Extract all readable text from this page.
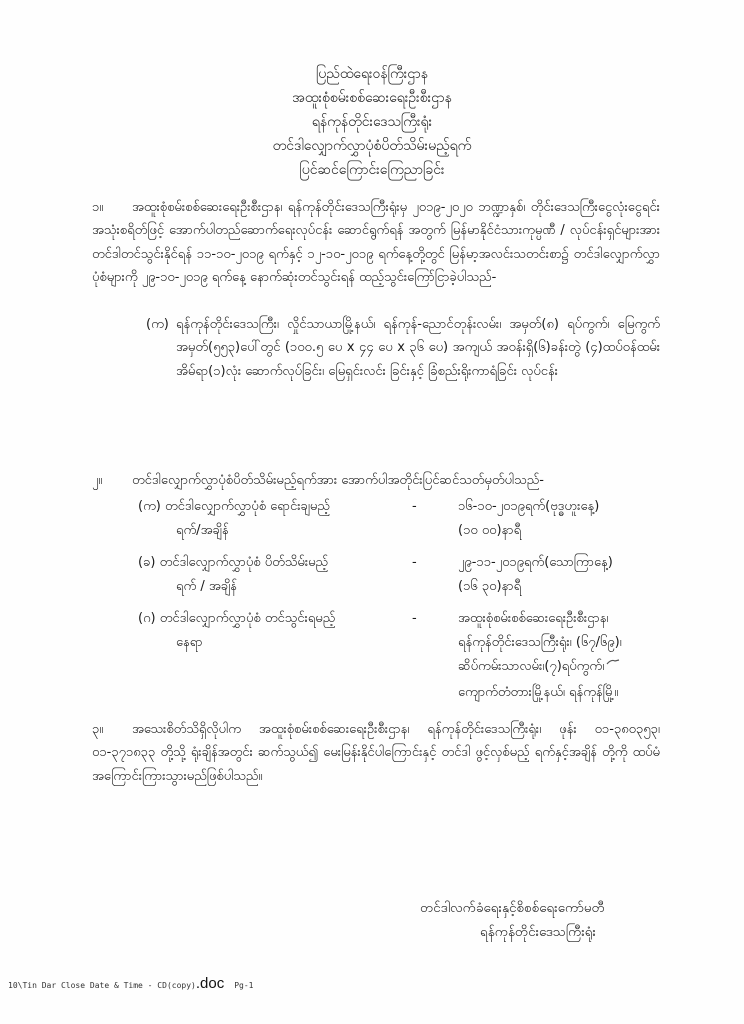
ပြည်ထဲရေးဝန်ကြီးဌာန
အထူးစုံစမ်းစစ်ဆေးရေးဦးစီးဌာန
ရန်ကုန်တိုင်းဒေသကြီးရုံး
တင်ဒါလျှောက်လွှာပုံစံပိတ်သိမ်းမည့်ရက်
ပြင်ဆင်ကြောင်းကြေညာခြင်း
၁။	အထူးစုံစမ်းစစ်ဆေးရေးဦးစီးဌာန၊ ရန်ကုန်တိုင်းဒေသကြီးရုံးမှ ၂၀၁၉-၂၀၂၀ ဘဏ္ဍာနှစ်၊ တိုင်းဒေသကြီးငွေလုံးငွေရင်းအသုံးစရိတ်ဖြင့် အောက်ပါတည်ဆောက်ရေးလုပ်ငန်း ဆောင်ရွက်ရန် အတွက် မြန်မာနိုင်ငံသားကုမ္ပဏီ / လုပ်ငန်းရှင်များအား တင်ဒါတင်သွင်းနိုင်ရန် ၁၁-၁၀-၂၀၁၉ ရက်နှင့် ၁၂-၁၀-၂၀၁၉ ရက်နေ့တို့တွင် မြန်မာ့အလင်းသတင်းစာ၌ တင်ဒါလျှောက်လွှာပုံစံများကို ၂၉-၁၀-၂၀၁၉ ရက်နေ့ နောက်ဆုံးတင်သွင်းရန် ထည့်သွင်းကြော်ငြာခဲ့ပါသည်-
(က) ရန်ကုန်တိုင်းဒေသကြီး၊ လှိုင်သာယာမြို့နယ်၊ ရန်ကုန်-ညောင်တုန်းလမ်း၊ အမှတ်(၈) ရပ်ကွက်၊ မြေကွက်အမှတ်(၅၅၃)ပေါ်တွင် (၁၀၀.၅ ပေ x ၄၄ ပေ x ၃၆ ပေ) အကျယ် အဝန်းရှိ(၆)ခန်းတွဲ (၄)ထပ်ဝန်ထမ်းအိမ်ရာ(၁)လုံး ဆောက်လုပ်ခြင်း၊ မြေရှင်းလင်း ခြင်းနှင့် ခြံစည်းရိုးကာရံခြင်း လုပ်ငန်း
၂။ တင်ဒါလျှောက်လွှာပုံစံပိတ်သိမ်းမည့်ရက်အား အောက်ပါအတိုင်းပြင်ဆင်သတ်မှတ်ပါသည်-
(က) တင်ဒါလျှောက်လွှာပုံစံ ရောင်းချမည့်
ရက်/အချိန်
-	၁၆-၁၀-၂၀၁၉ရက်(ဗုဒ္ဓဟူးနေ့)
(၁၀ ၀၀)နာရီ
(ခ) တင်ဒါလျှောက်လွှာပုံစံ ပိတ်သိမ်းမည့်
ရက် / အချိန်
-	၂၉-၁၁-၂၀၁၉ရက်(သောကြာနေ့)
(၁၆ ၃၀)နာရီ
(ဂ) တင်ဒါလျှောက်လွှာပုံစံ တင်သွင်းရမည့်
နေရာ
-	အထူးစုံစမ်းစစ်ဆေးရေးဦးစီးဌာန၊
ရန်ကုန်တိုင်းဒေသကြီးရုံး၊ (၆၇/၆၉)၊
ဆိပ်ကမ်းသာလမ်း၊(၇)ရပ်ကွက်၊
ကျောက်တံတားမြို့နယ်၊ ရန်ကုန်မြို့။
၃။	အသေးစိတ်သိရှိလိုပါက အထူးစုံစမ်းစစ်ဆေးရေးဦးစီးဌာန၊ ရန်ကုန်တိုင်းဒေသကြီးရုံး၊ ဖုန်း ၀၁-၃၈၀၃၅၃၊ ၀၁-၃၇၁၈၃၃ တို့သို့ ရုံးချိန်အတွင်း ဆက်သွယ်၍ မေးမြန်းနိုင်ပါကြောင်းနှင့် တင်ဒါ ဖွင့်လှစ်မည့် ရက်နှင့်အချိန် တို့ကို ထပ်မံအကြောင်းကြားသွားမည်ဖြစ်ပါသည်။
တင်ဒါလက်ခံရေးနှင့်စိစစ်ရေးကော်မတီ
ရန်ကုန်တိုင်းဒေသကြီးရုံး
10\Tin Dar Close Date & Time - CD(copy).doc Pg-1
